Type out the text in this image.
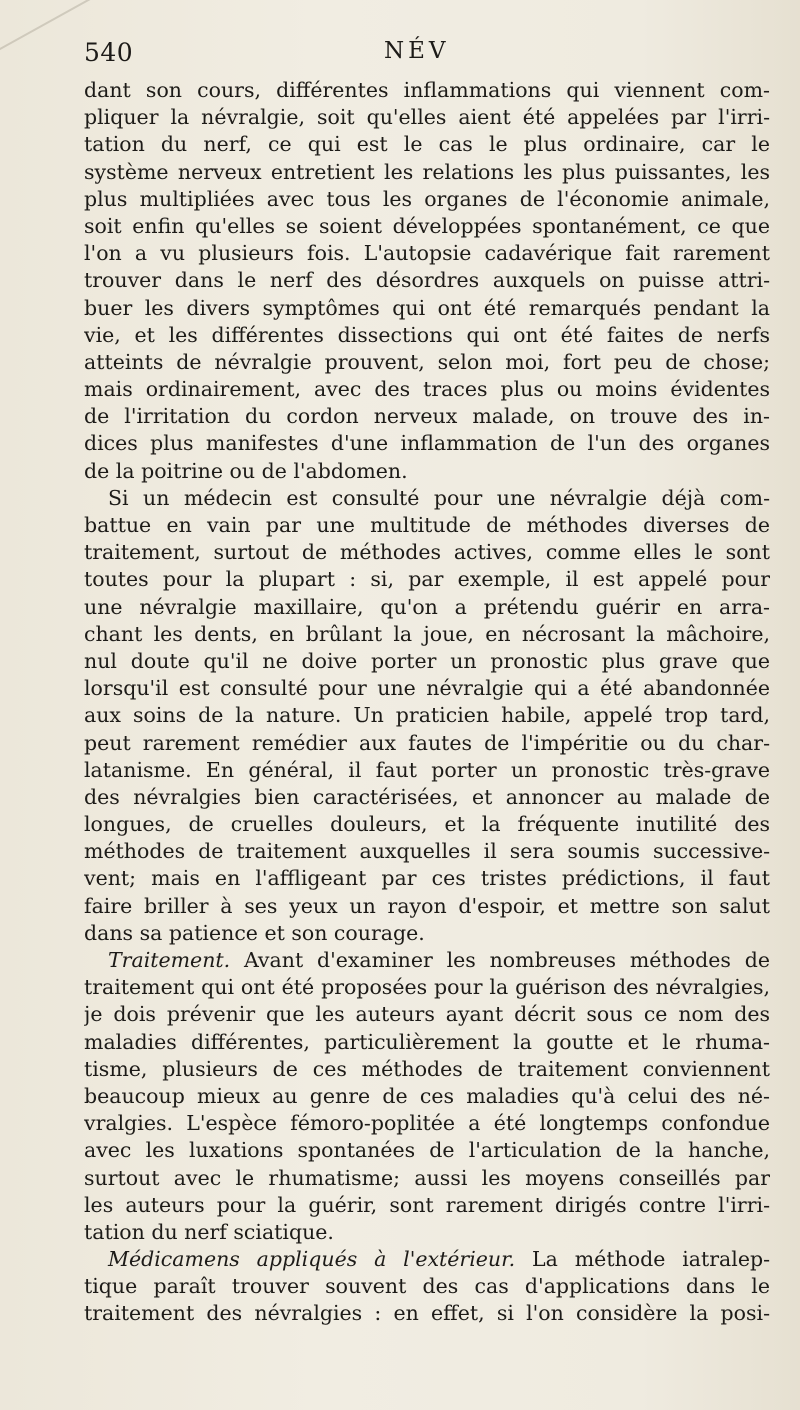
540	NÉV
dant son cours, différentes inflammations qui viennent com-
pliquer la névralgie, soit qu'elles aient été appelées par l'irri-
tation du nerf, ce qui est le cas le plus ordinaire, car le
système nerveux entretient les relations les plus puissantes, les
plus multipliées avec tous les organes de l'économie animale,
soit enfin qu'elles se soient développées spontanément, ce que
l'on a vu plusieurs fois. L'autopsie cadavérique fait rarement
trouver dans le nerf des désordres auxquels on puisse attri-
buer les divers symptômes qui ont été remarqués pendant la
vie, et les différentes dissections qui ont été faites de nerfs
atteints de névralgie prouvent, selon moi, fort peu de chose;
mais ordinairement, avec des traces plus ou moins évidentes
de l'irritation du cordon nerveux malade, on trouve des in-
dices plus manifestes d'une inflammation de l'un des organes
de la poitrine ou de l'abdomen.
Si un médecin est consulté pour une névralgie déjà com-
battue en vain par une multitude de méthodes diverses de
traitement, surtout de méthodes actives, comme elles le sont
toutes pour la plupart : si, par exemple, il est appelé pour
une névralgie maxillaire, qu'on a prétendu guérir en arra-
chant les dents, en brûlant la joue, en nécrosant la mâchoire,
nul doute qu'il ne doive porter un pronostic plus grave que
lorsqu'il est consulté pour une névralgie qui a été abandonnée
aux soins de la nature. Un praticien habile, appelé trop tard,
peut rarement remédier aux fautes de l'impéritie ou du char-
latanisme. En général, il faut porter un pronostic très-grave
des névralgies bien caractérisées, et annoncer au malade de
longues, de cruelles douleurs, et la fréquente inutilité des
méthodes de traitement auxquelles il sera soumis successive-
vent; mais en l'affligeant par ces tristes prédictions, il faut
faire briller à ses yeux un rayon d'espoir, et mettre son salut
dans sa patience et son courage.
Traitement. Avant d'examiner les nombreuses méthodes de
traitement qui ont été proposées pour la guérison des névralgies,
je dois prévenir que les auteurs ayant décrit sous ce nom des
maladies différentes, particulièrement la goutte et le rhuma-
tisme, plusieurs de ces méthodes de traitement conviennent
beaucoup mieux au genre de ces maladies qu'à celui des né-
vralgies. L'espèce fémoro-poplitée a été longtemps confondue
avec les luxations spontanées de l'articulation de la hanche,
surtout avec le rhumatisme; aussi les moyens conseillés par
les auteurs pour la guérir, sont rarement dirigés contre l'irri-
tation du nerf sciatique.
Médicamens appliqués à l'extérieur. La méthode iatralep-
tique paraît trouver souvent des cas d'applications dans le
traitement des névralgies : en effet, si l'on considère la posi-
